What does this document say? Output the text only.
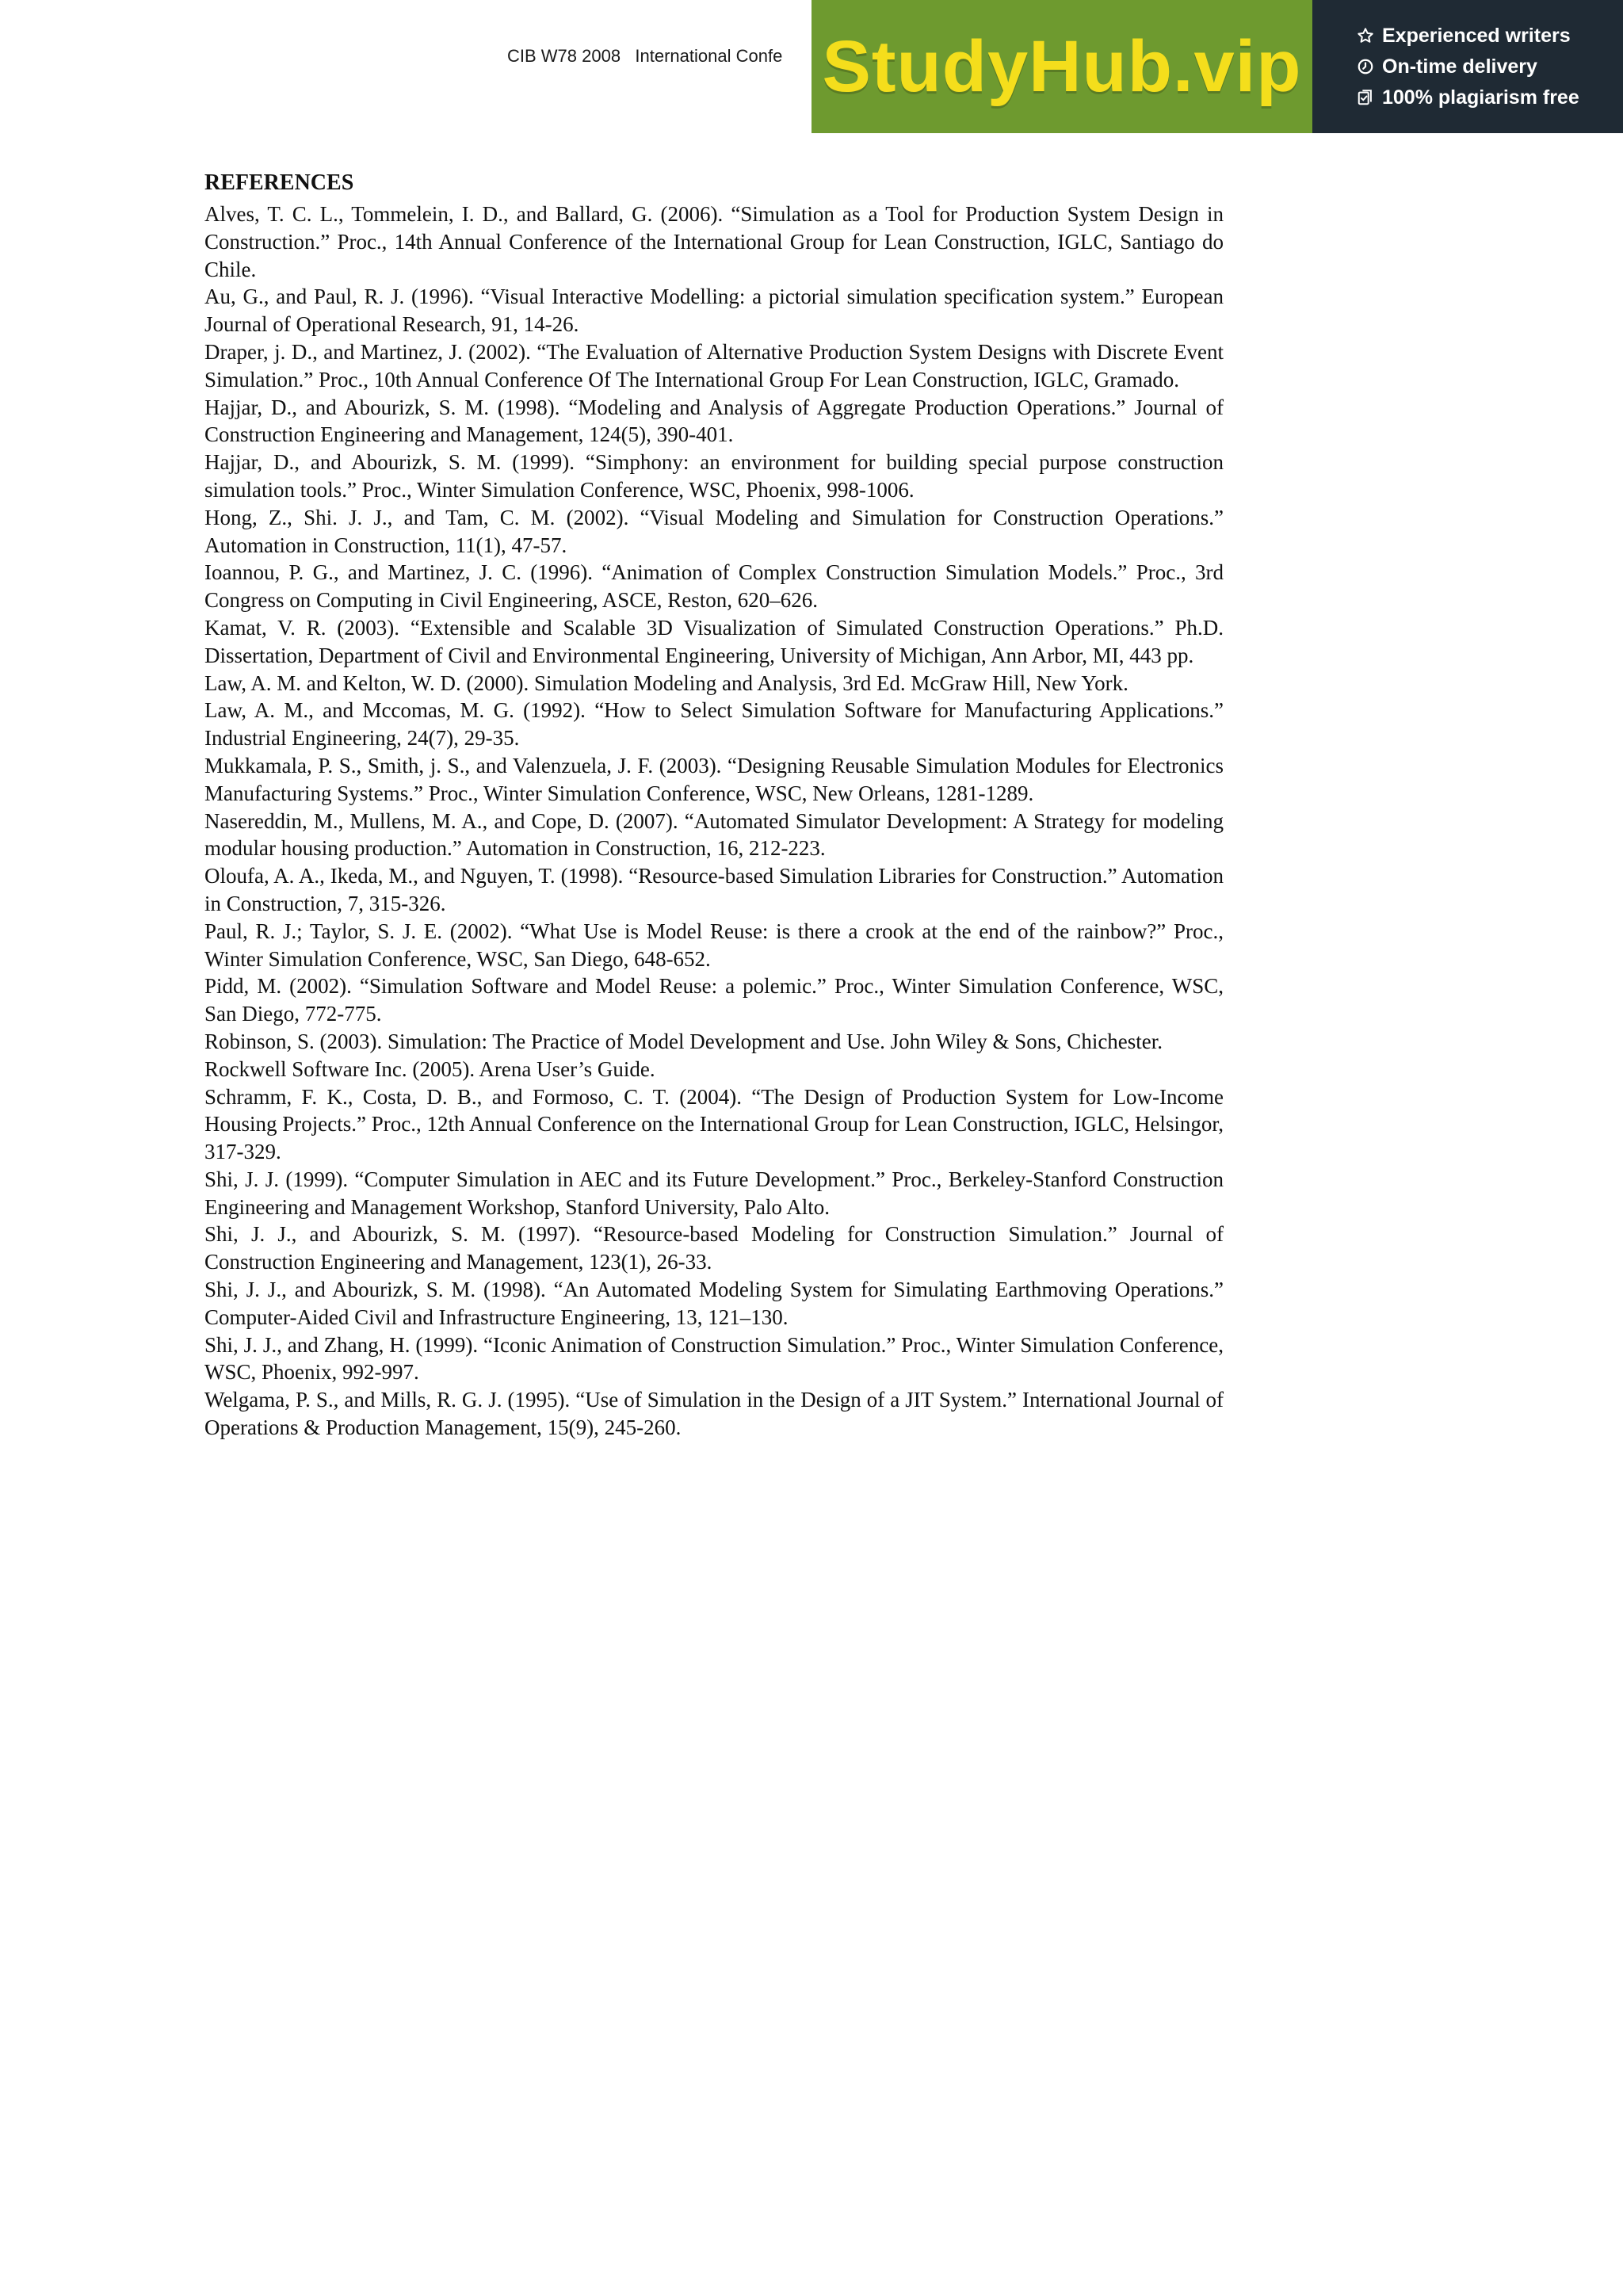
CIB W78 2008   International Confe StudyHub.vip	Experienced writers
On-time delivery
100% plagiarism free
REFERENCES

Alves, T. C. L., Tommelein, I. D., and Ballard, G. (2006). “Simulation as a Tool for Production System Design in Construction.” Proc., 14th Annual Conference of the International Group for Lean Construction, IGLC, Santiago do Chile.

Au, G., and Paul, R. J. (1996). “Visual Interactive Modelling: a pictorial simulation specification system.” European Journal of Operational Research, 91, 14-26.

Draper, j. D., and Martinez, J. (2002). “The Evaluation of Alternative Production System Designs with Discrete Event Simulation.” Proc., 10th Annual Conference Of The International Group For Lean Construction, IGLC, Gramado.

Hajjar, D., and Abourizk, S. M. (1998). “Modeling and Analysis of Aggregate Production Operations.” Journal of Construction Engineering and Management, 124(5), 390-401.

Hajjar, D., and Abourizk, S. M. (1999). “Simphony: an environment for building special purpose construction simulation tools.” Proc., Winter Simulation Conference, WSC, Phoenix, 998-1006.

Hong, Z., Shi. J. J., and Tam, C. M. (2002). “Visual Modeling and Simulation for Construction Operations.” Automation in Construction, 11(1), 47-57.

Ioannou, P. G., and Martinez, J. C. (1996). “Animation of Complex Construction Simulation Models.” Proc., 3rd Congress on Computing in Civil Engineering, ASCE, Reston, 620–626.

Kamat, V. R. (2003). “Extensible and Scalable 3D Visualization of Simulated Construction Operations.” Ph.D. Dissertation, Department of Civil and Environmental Engineering, University of Michigan, Ann Arbor, MI, 443 pp.

Law, A. M. and Kelton, W. D. (2000). Simulation Modeling and Analysis, 3rd Ed. McGraw Hill, New York.

Law, A. M., and Mccomas, M. G. (1992). “How to Select Simulation Software for Manufacturing Applications.” Industrial Engineering, 24(7), 29-35.

Mukkamala, P. S., Smith, j. S., and Valenzuela, J. F. (2003). “Designing Reusable Simulation Modules for Electronics Manufacturing Systems.” Proc., Winter Simulation Conference, WSC, New Orleans, 1281-1289.

Nasereddin, M., Mullens, M. A., and Cope, D. (2007). “Automated Simulator Development: A Strategy for modeling modular housing production.” Automation in Construction, 16, 212-223.

Oloufa, A. A., Ikeda, M., and Nguyen, T. (1998). “Resource-based Simulation Libraries for Construction.” Automation in Construction, 7, 315-326.

Paul, R. J.; Taylor, S. J. E. (2002). “What Use is Model Reuse: is there a crook at the end of the rainbow?” Proc., Winter Simulation Conference, WSC, San Diego, 648-652.

Pidd, M. (2002). “Simulation Software and Model Reuse: a polemic.” Proc., Winter Simulation Conference, WSC, San Diego, 772-775.

Robinson, S. (2003). Simulation: The Practice of Model Development and Use. John Wiley & Sons, Chichester.

Rockwell Software Inc. (2005). Arena User’s Guide.

Schramm, F. K., Costa, D. B., and Formoso, C. T. (2004). “The Design of Production System for Low-Income Housing Projects.” Proc., 12th Annual Conference on the International Group for Lean Construction, IGLC, Helsingor, 317-329.

Shi, J. J. (1999). “Computer Simulation in AEC and its Future Development.” Proc., Berkeley-Stanford Construction Engineering and Management Workshop, Stanford University, Palo Alto.

Shi, J. J., and Abourizk, S. M. (1997). “Resource-based Modeling for Construction Simulation.” Journal of Construction Engineering and Management, 123(1), 26-33.

Shi, J. J., and Abourizk, S. M. (1998). “An Automated Modeling System for Simulating Earthmoving Operations.” Computer-Aided Civil and Infrastructure Engineering, 13, 121–130.

Shi, J. J., and Zhang, H. (1999). “Iconic Animation of Construction Simulation.” Proc., Winter Simulation Conference, WSC, Phoenix, 992-997.

Welgama, P. S., and Mills, R. G. J. (1995). “Use of Simulation in the Design of a JIT System.” International Journal of Operations & Production Management, 15(9), 245-260.
